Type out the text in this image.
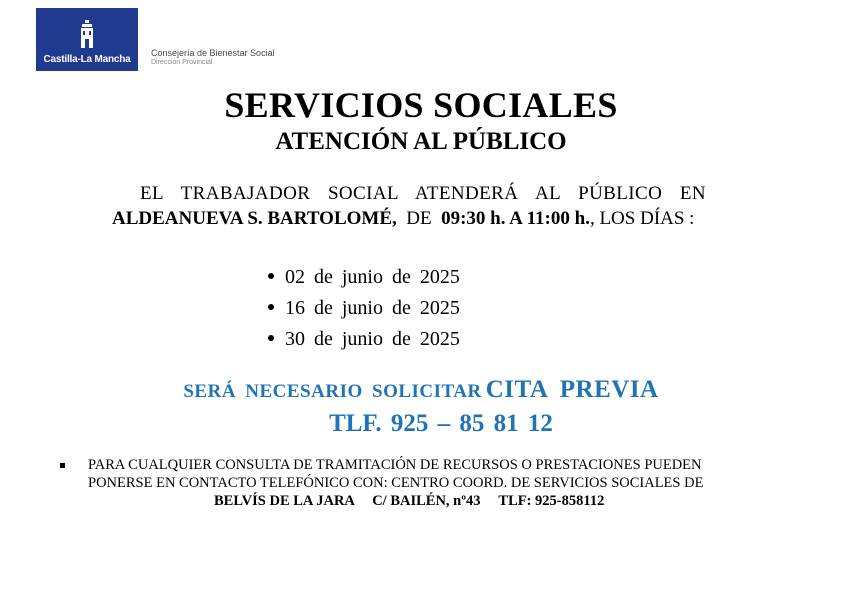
Castilla-La Mancha
Consejería de Bienestar Social
Dirección Provincial
SERVICIOS SOCIALES
ATENCIÓN AL PÚBLICO
EL TRABAJADOR SOCIAL ATENDERÁ AL PÚBLICO EN
ALDEANUEVA S. BARTOLOMÉ, DE 09:30 h. A 11:00 h., LOS DÍAS :
02 de junio de 2025
16 de junio de 2025
30 de junio de 2025
SERÁ NECESARIO SOLICITAR CITA PREVIA
TLF. 925 – 85 81 12
PARA CUALQUIER CONSULTA DE TRAMITACIÓN DE RECURSOS O PRESTACIONES PUEDEN
PONERSE EN CONTACTO TELEFÓNICO CON: CENTRO COORD. DE SERVICIOS SOCIALES DE
BELVÍS DE LA JARA     C/ BAILÉN, nº43     TLF: 925-858112
